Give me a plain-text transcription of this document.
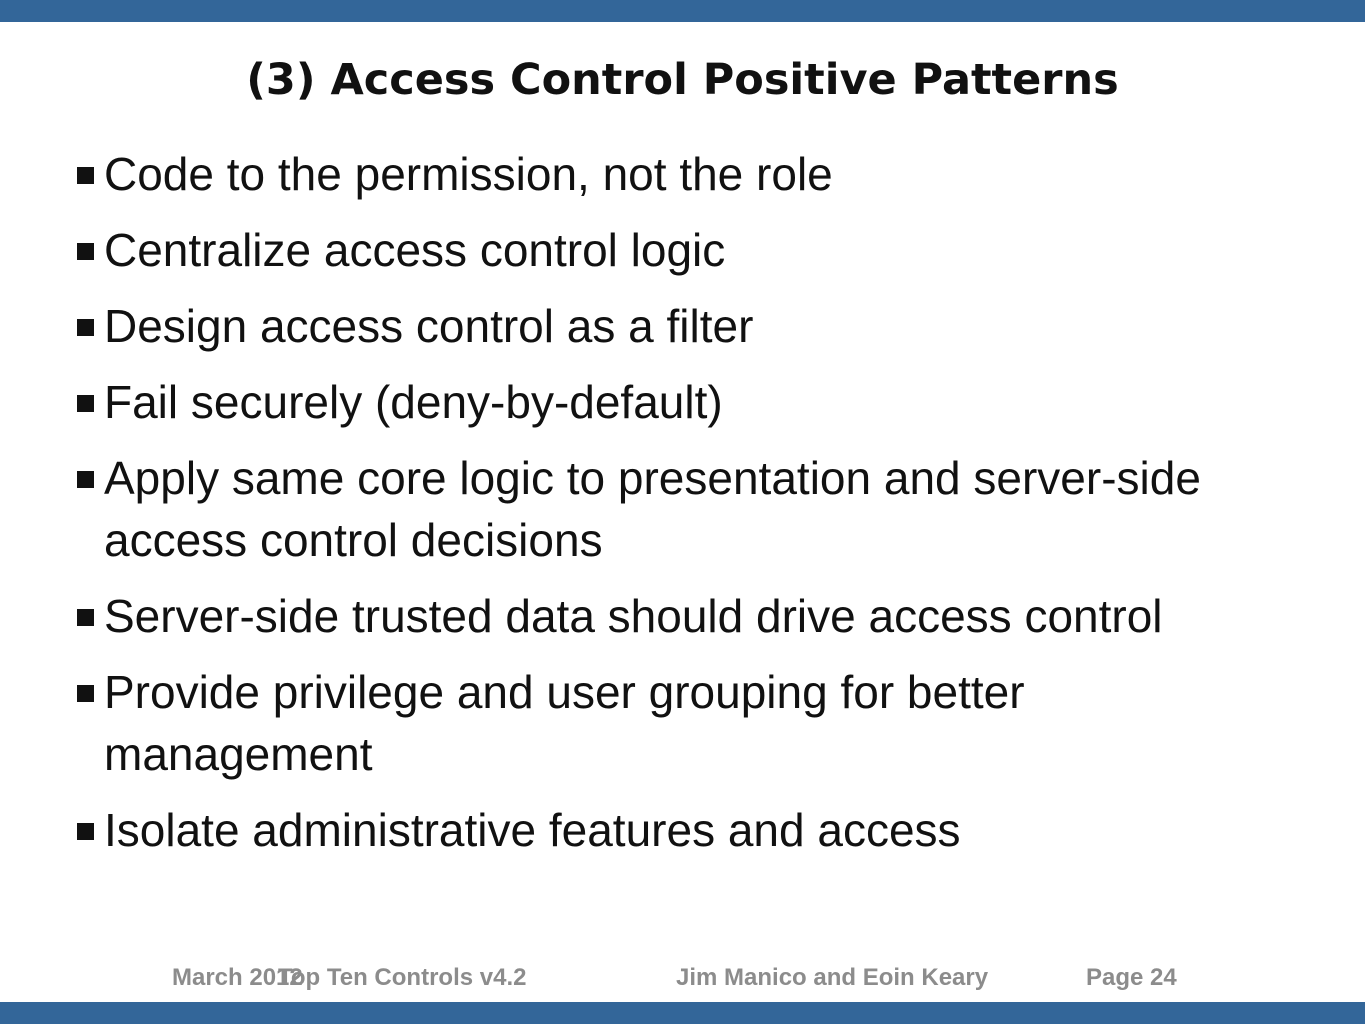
(3) Access Control Positive Patterns
Code to the permission, not the role
Centralize access control logic
Design access control as a filter
Fail securely (deny-by-default)
Apply same core logic to presentation and server-side access control decisions
Server-side trusted data should drive access control
Provide privilege and user grouping for better management
Isolate administrative features and access
March 2012
Top Ten Controls v4.2	Jim Manico and Eoin Keary	Page 24
